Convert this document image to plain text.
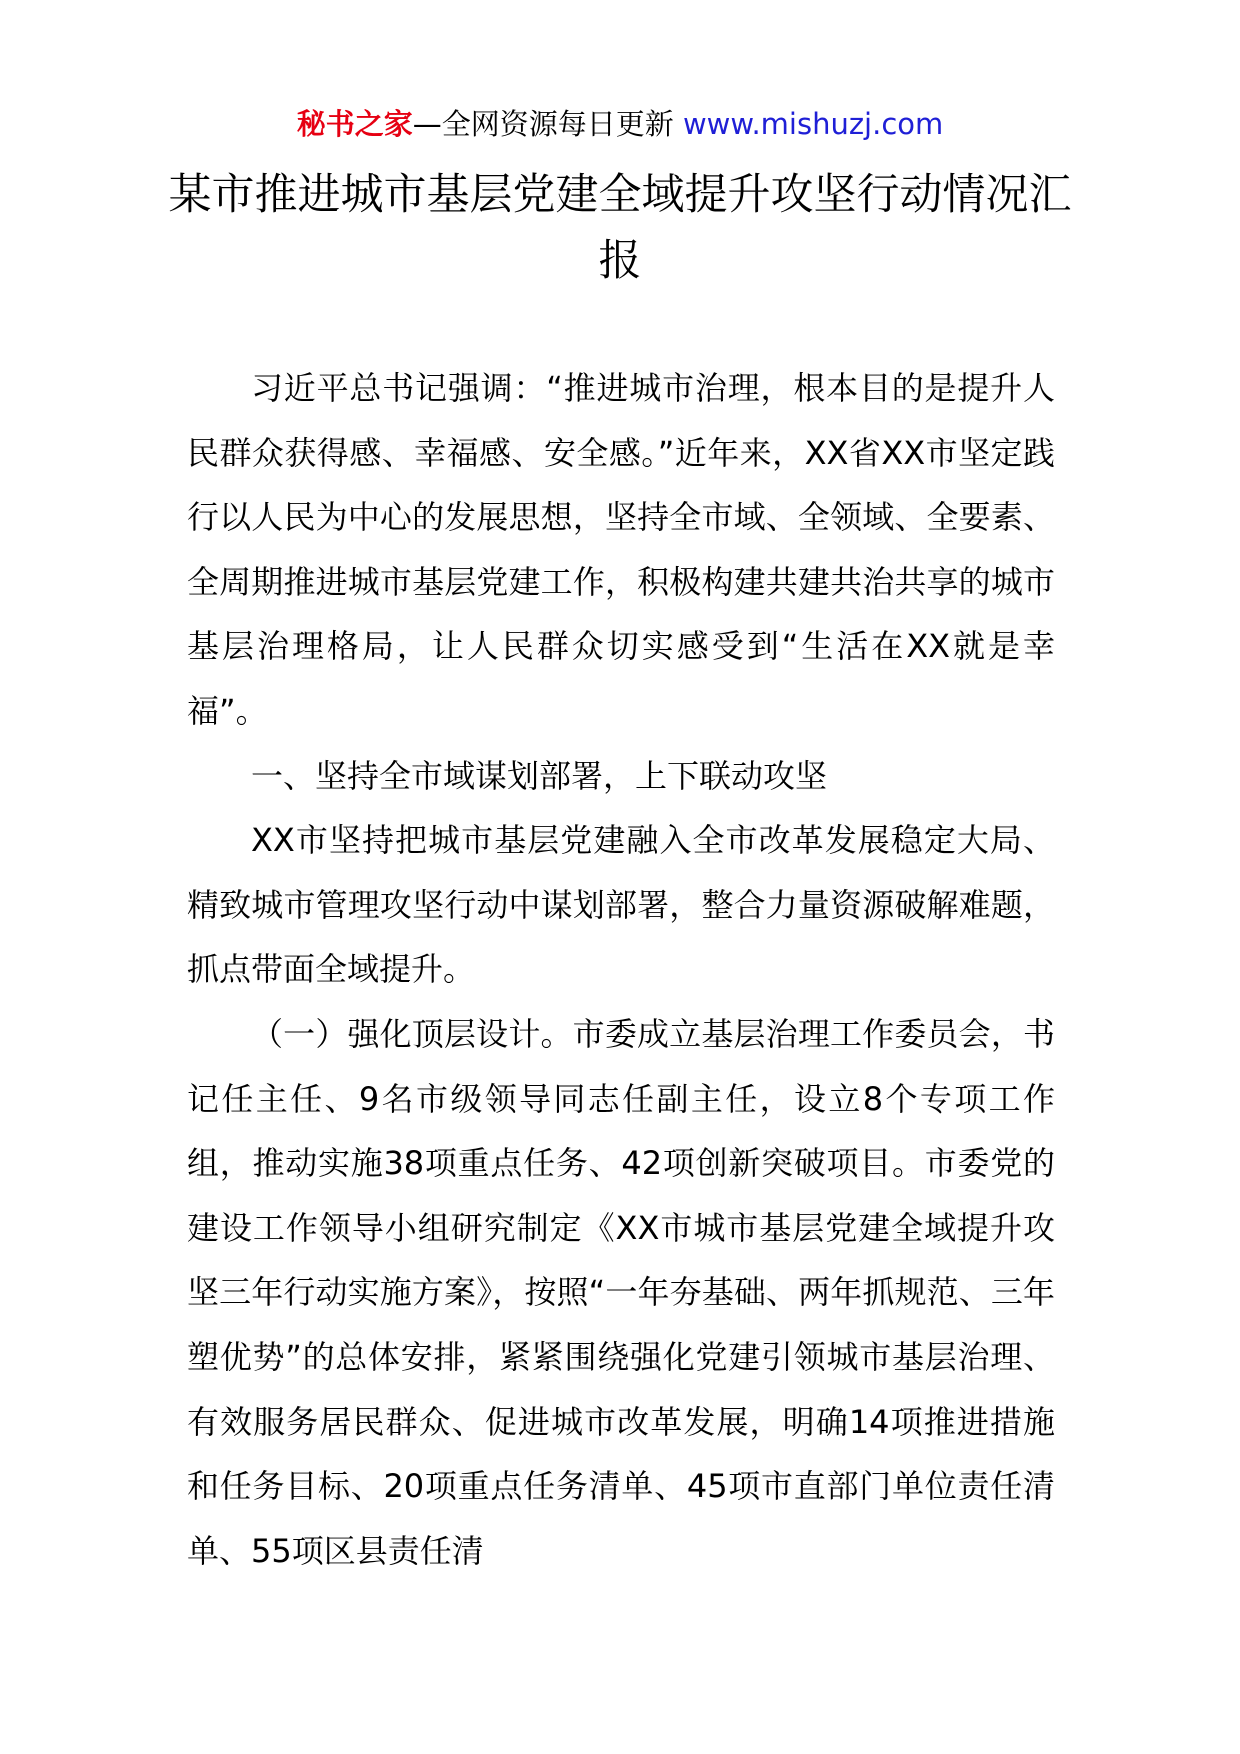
秘书之家—全网资源每日更新 www.mishuzj.com
某市推进城市基层党建全域提升攻坚行动情况汇报

习近平总书记强调：“推进城市治理，根本目的是提升人民群众获得感、幸福感、安全感。”近年来，XX省XX市坚定践行以人民为中心的发展思想，坚持全市域、全领域、全要素、全周期推进城市基层党建工作，积极构建共建共治共享的城市基层治理格局，让人民群众切实感受到“生活在XX就是幸福”。

一、坚持全市域谋划部署，上下联动攻坚

XX市坚持把城市基层党建融入全市改革发展稳定大局、精致城市管理攻坚行动中谋划部署，整合力量资源破解难题，抓点带面全域提升。

（一）强化顶层设计。市委成立基层治理工作委员会，书记任主任、9名市级领导同志任副主任，设立8个专项工作组，推动实施38项重点任务、42项创新突破项目。市委党的建设工作领导小组研究制定《XX市城市基层党建全域提升攻坚三年行动实施方案》，按照“一年夯基础、两年抓规范、三年塑优势”的总体安排，紧紧围绕强化党建引领城市基层治理、有效服务居民群众、促进城市改革发展，明确14项推进措施和任务目标、20项重点任务清单、45项市直部门单位责任清单、55项区县责任清
